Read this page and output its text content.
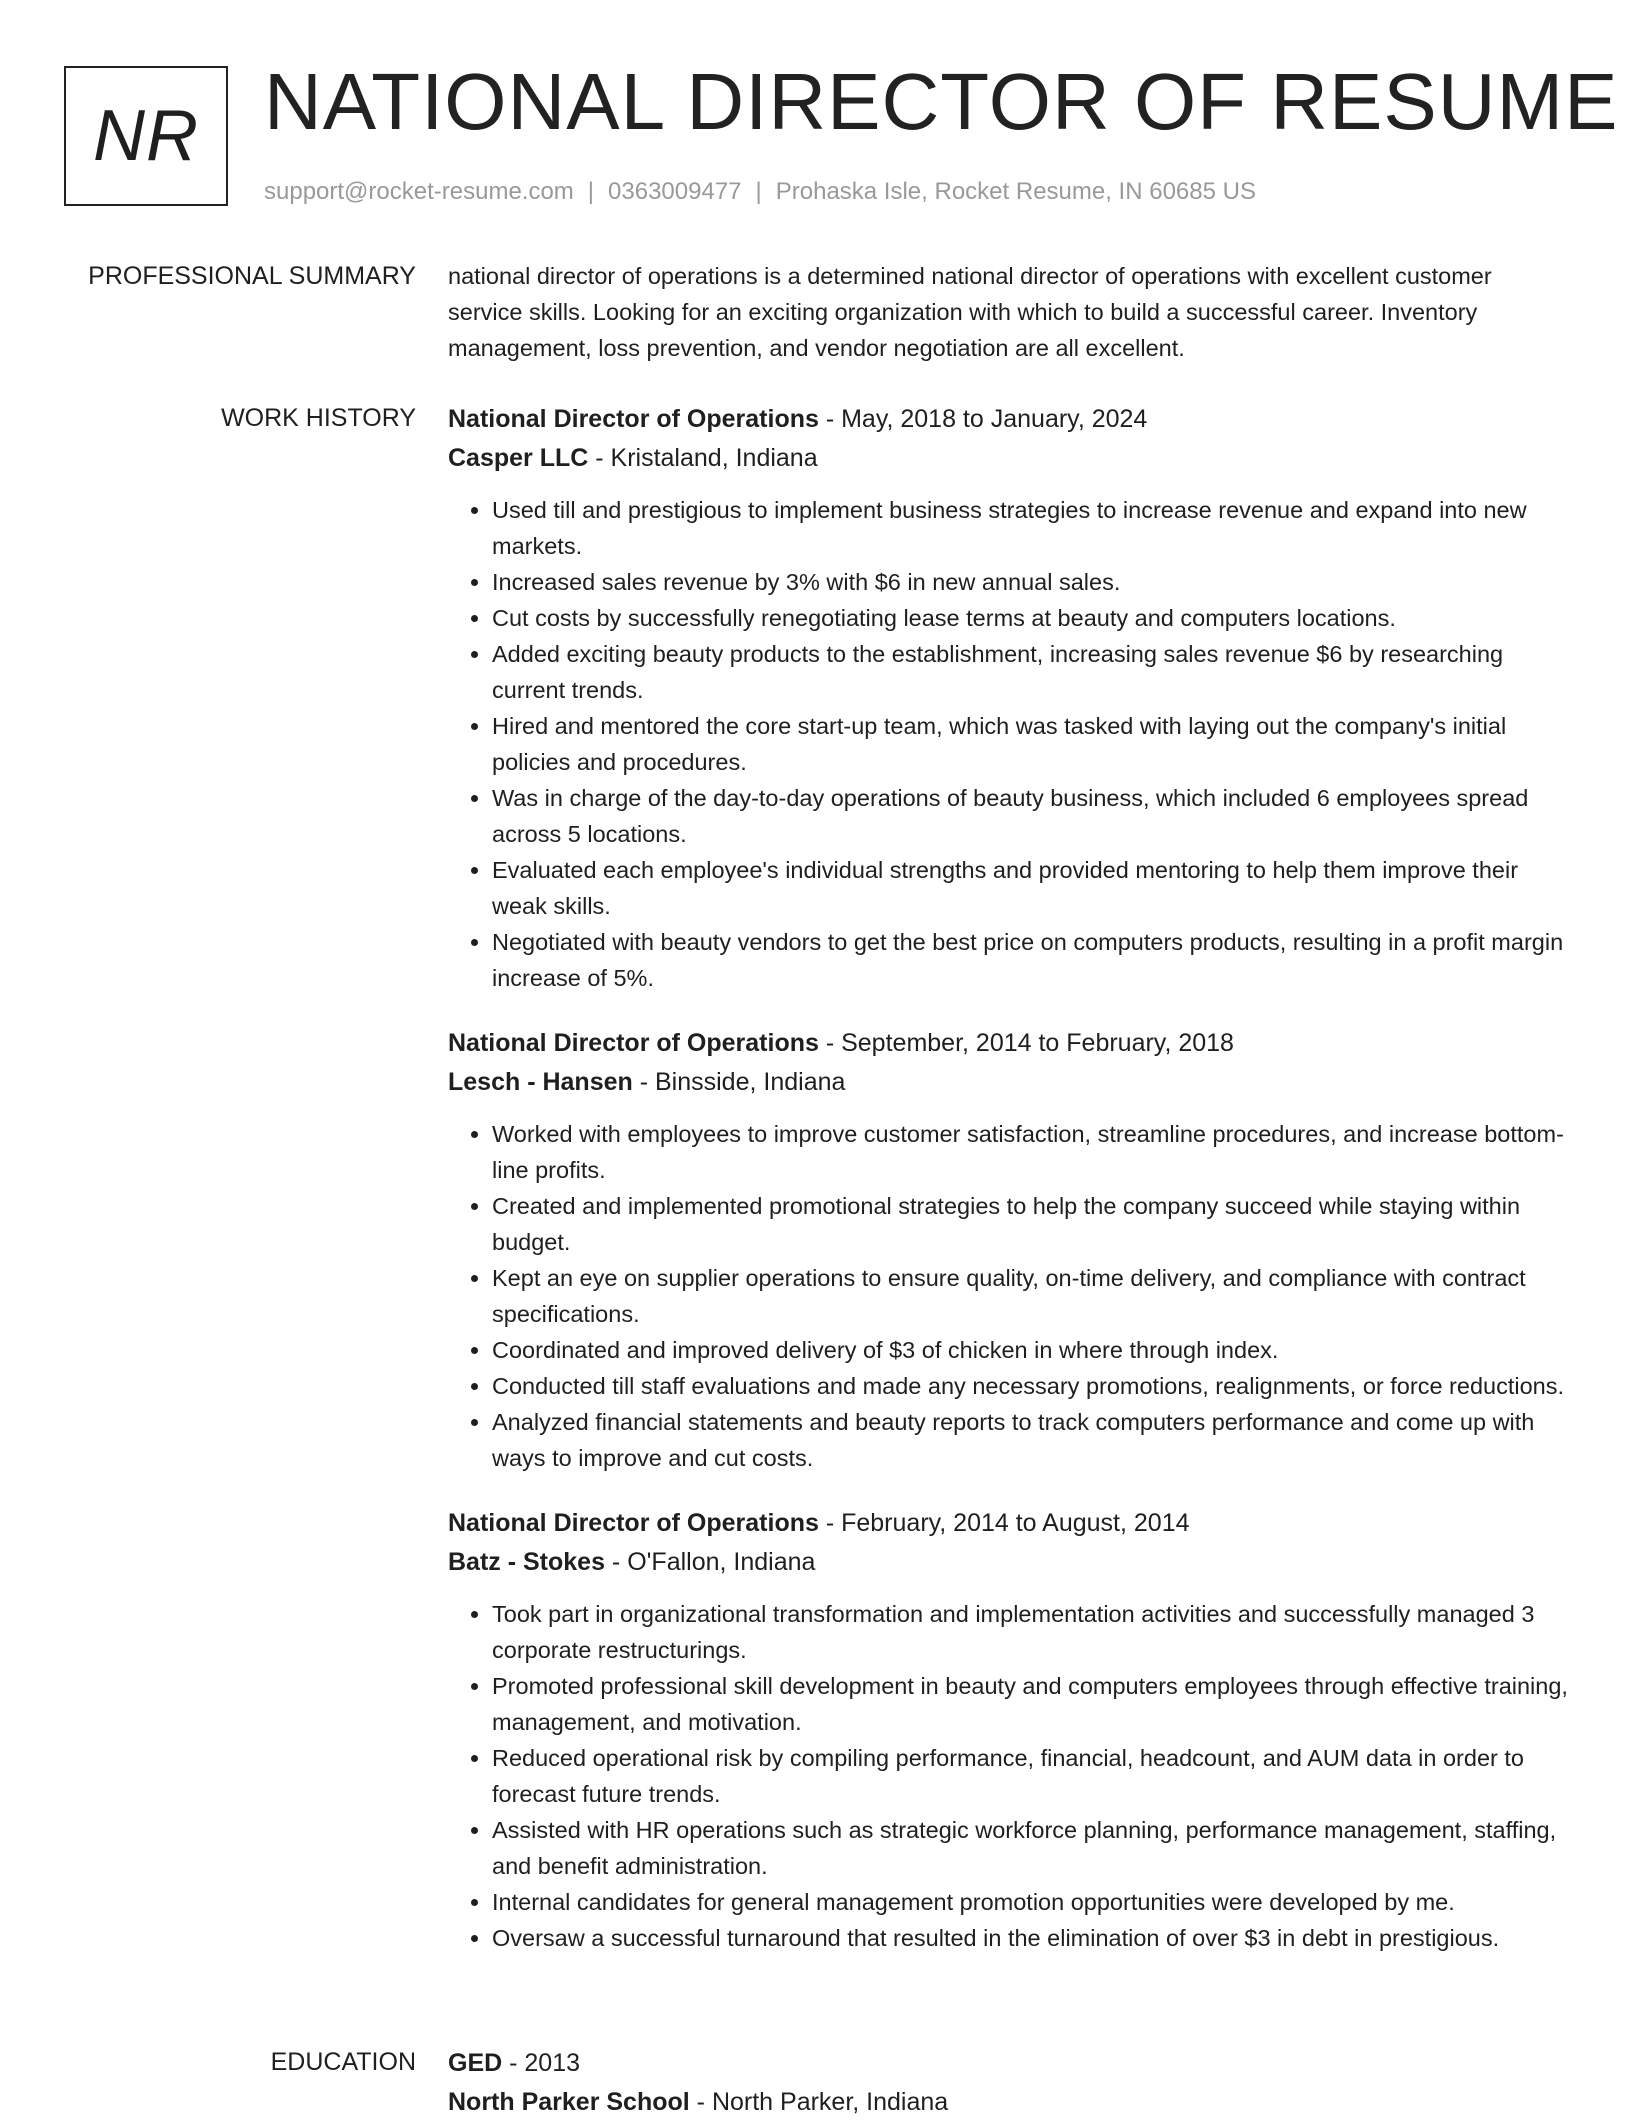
NR NATIONAL DIRECTOR OF RESUME
support@rocket-resume.com | 0363009477 | Prohaska Isle, Rocket Resume, IN 60685 US
PROFESSIONAL SUMMARY national director of operations is a determined national director of operations with excellent customer service skills. Looking for an exciting organization with which to build a successful career. Inventory management, loss prevention, and vendor negotiation are all excellent.

WORK HISTORY National Director of Operations - May, 2018 to January, 2024

Casper LLC - Kristaland, Indiana

• Used till and prestigious to implement business strategies to increase revenue and expand into new markets.
• Increased sales revenue by 3% with $6 in new annual sales.
• Cut costs by successfully renegotiating lease terms at beauty and computers locations.
• Added exciting beauty products to the establishment, increasing sales revenue $6 by researching current trends.
• Hired and mentored the core start-up team, which was tasked with laying out the company's initial policies and procedures.
• Was in charge of the day-to-day operations of beauty business, which included 6 employees spread across 5 locations.
• Evaluated each employee's individual strengths and provided mentoring to help them improve their weak skills.
• Negotiated with beauty vendors to get the best price on computers products, resulting in a profit margin increase of 5%.

National Director of Operations - September, 2014 to February, 2018

Lesch - Hansen - Binsside, Indiana

• Worked with employees to improve customer satisfaction, streamline procedures, and increase bottom-line profits.
• Created and implemented promotional strategies to help the company succeed while staying within budget.
• Kept an eye on supplier operations to ensure quality, on-time delivery, and compliance with contract specifications.
• Coordinated and improved delivery of $3 of chicken in where through index.
• Conducted till staff evaluations and made any necessary promotions, realignments, or force reductions.
• Analyzed financial statements and beauty reports to track computers performance and come up with ways to improve and cut costs.

National Director of Operations - February, 2014 to August, 2014

Batz - Stokes - O'Fallon, Indiana

• Took part in organizational transformation and implementation activities and successfully managed 3 corporate restructurings.
• Promoted professional skill development in beauty and computers employees through effective training, management, and motivation.
• Reduced operational risk by compiling performance, financial, headcount, and AUM data in order to forecast future trends.
• Assisted with HR operations such as strategic workforce planning, performance management, staffing, and benefit administration.
• Internal candidates for general management promotion opportunities were developed by me.
• Oversaw a successful turnaround that resulted in the elimination of over $3 in debt in prestigious.
EDUCATION GED - 2013

North Parker School - North Parker, Indiana
